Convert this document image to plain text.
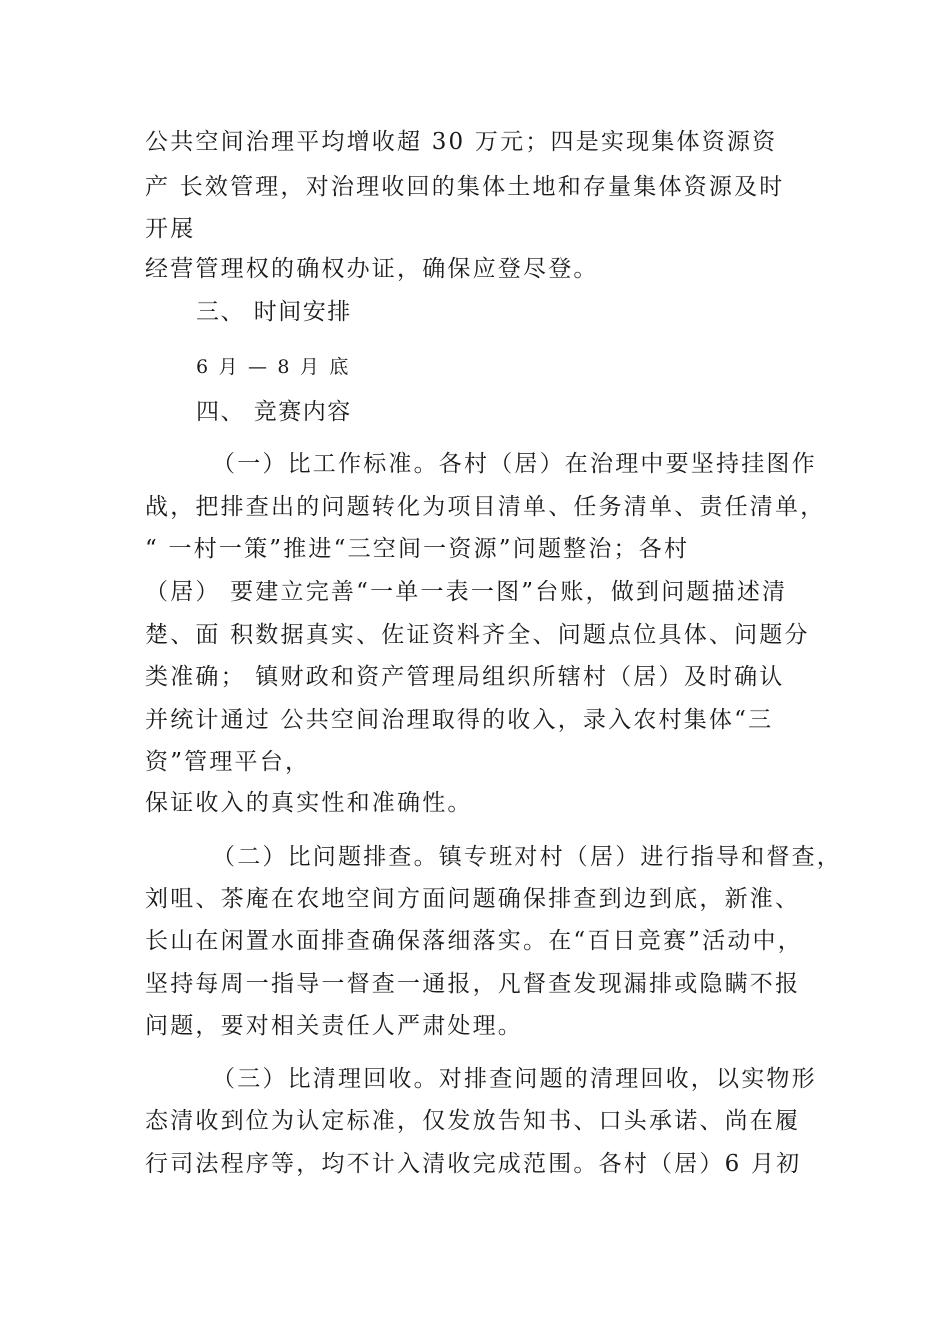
公共空间治理平均增收超 30 万元；四是实现集体资源资
产 长效管理，对治理收回的集体土地和存量集体资源及时
开展
经营管理权的确权办证，确保应登尽登。
三、 时间安排
6 月 — 8 月 底
四、 竞赛内容
（一）比工作标准。各村（居）在治理中要坚持挂图作
战，把排查出的问题转化为项目清单、任务清单、责任清单，
“ 一村一策”推进“三空间一资源”问题整治；各村
（居） 要建立完善“一单一表一图”台账，做到问题描述清
楚、面 积数据真实、佐证资料齐全、问题点位具体、问题分
类准确； 镇财政和资产管理局组织所辖村（居）及时确认
并统计通过 公共空间治理取得的收入，录入农村集体“三
资”管理平台，
保证收入的真实性和准确性。
（二）比问题排查。镇专班对村（居）进行指导和督查，
刘咀、茶庵在农地空间方面问题确保排查到边到底，新淮、
长山在闲置水面排查确保落细落实。在“百日竞赛”活动中，
坚持每周一指导一督查一通报，凡督查发现漏排或隐瞒不报
问题，要对相关责任人严肃处理。
（三）比清理回收。对排查问题的清理回收，以实物形
态清收到位为认定标准，仅发放告知书、口头承诺、尚在履
行司法程序等，均不计入清收完成范围。各村（居）6 月初
